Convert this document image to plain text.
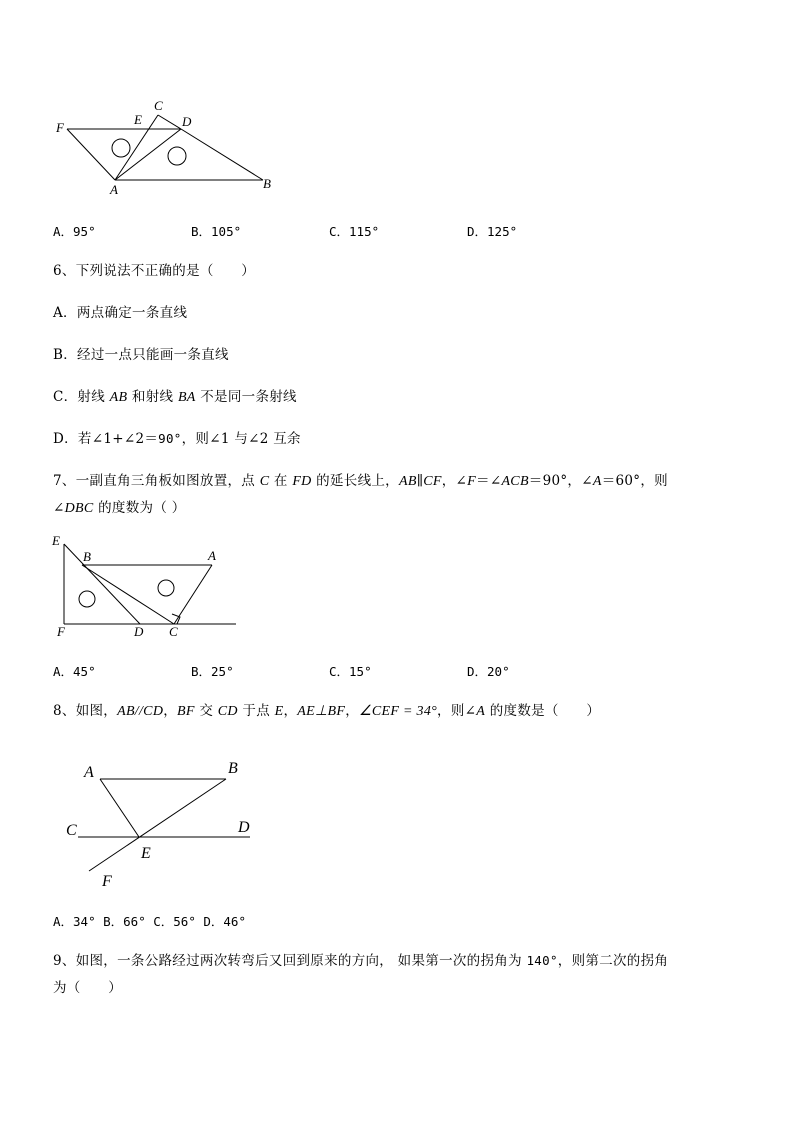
F
E
C
D
A	B
A．95°	B．105°	C．115°	D．125°
6、下列说法不正确的是（　　）
A．两点确定一条直线
B．经过一点只能画一条直线
C．射线 AB 和射线 BA 不是同一条射线
D．若∠1+∠2＝90°，则∠1 与∠2 互余
7、一副直角三角板如图放置，点 C 在 FD 的延长线上，AB∥CF，∠F＝∠ACB＝90°，∠A＝60°，则
∠DBC 的度数为（ ）
E
B	A
F	D C
A．45°	B．25°	C．15°	D．20°
8、如图，AB//CD，BF 交 CD 于点 E，AE⊥BF，∠CEF = 34°，则∠A 的度数是（　　）
A	B
C	D
E
F
A．34° B．66° C．56° D．46°
9、如图，一条公路经过两次转弯后又回到原来的方向， 如果第一次的拐角为 140°，则第二次的拐角
为（　　）
